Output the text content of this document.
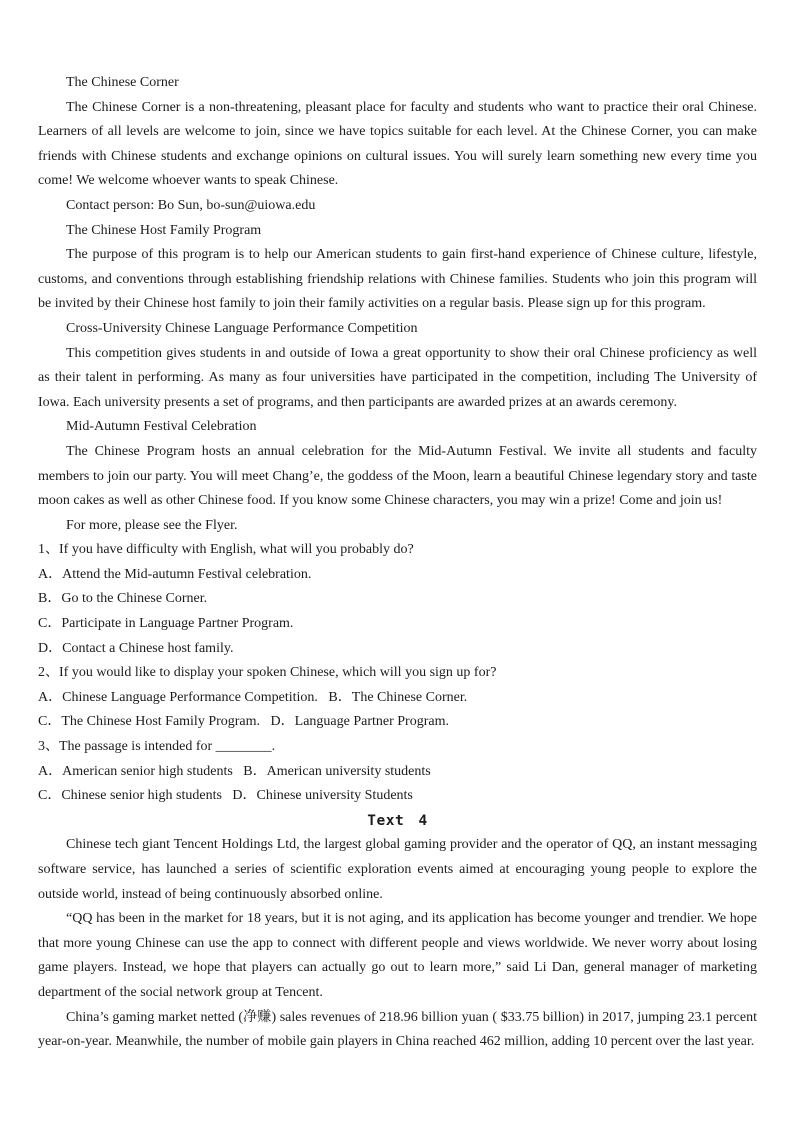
The Chinese Corner

The Chinese Corner is a non-threatening, pleasant place for faculty and students who want to practice their oral Chinese. Learners of all levels are welcome to join, since we have topics suitable for each level. At the Chinese Corner, you can make friends with Chinese students and exchange opinions on cultural issues. You will surely learn something new every time you come! We welcome whoever wants to speak Chinese.

Contact person: Bo Sun, bo-sun@uiowa.edu

The Chinese Host Family Program

The purpose of this program is to help our American students to gain first-hand experience of Chinese culture, lifestyle, customs, and conventions through establishing friendship relations with Chinese families. Students who join this program will be invited by their Chinese host family to join their family activities on a regular basis. Please sign up for this program.

Cross-University Chinese Language Performance Competition

This competition gives students in and outside of Iowa a great opportunity to show their oral Chinese proficiency as well as their talent in performing. As many as four universities have participated in the competition, including The University of Iowa. Each university presents a set of programs, and then participants are awarded prizes at an awards ceremony.

Mid-Autumn Festival Celebration

The Chinese Program hosts an annual celebration for the Mid-Autumn Festival. We invite all students and faculty members to join our party. You will meet Chang’e, the goddess of the Moon, learn a beautiful Chinese legendary story and taste moon cakes as well as other Chinese food. If you know some Chinese characters, you may win a prize! Come and join us!

For more, please see the Flyer.

1、If you have difficulty with English, what will you probably do?

A．Attend the Mid-autumn Festival celebration.

B．Go to the Chinese Corner.

C．Participate in Language Partner Program.

D．Contact a Chinese host family.

2、If you would like to display your spoken Chinese, which will you sign up for?

A．Chinese Language Performance Competition.   B．The Chinese Corner.

C．The Chinese Host Family Program.   D．Language Partner Program.

3、The passage is intended for ________.

A．American senior high students   B．American university students

C．Chinese senior high students   D．Chinese university Students

Text 4

Chinese tech giant Tencent Holdings Ltd, the largest global gaming provider and the operator of QQ, an instant messaging software service, has launched a series of scientific exploration events aimed at encouraging young people to explore the outside world, instead of being continuously absorbed online.

“QQ has been in the market for 18 years, but it is not aging, and its application has become younger and trendier. We hope that more young Chinese can use the app to connect with different people and views worldwide. We never worry about losing game players. Instead, we hope that players can actually go out to learn more,” said Li Dan, general manager of marketing department of the social network group at Tencent.

China’s gaming market netted (净赚) sales revenues of 218.96 billion yuan ( $33.75 billion) in 2017, jumping 23.1 percent year-on-year. Meanwhile, the number of mobile gain players in China reached 462 million, adding 10 percent over the last year.
